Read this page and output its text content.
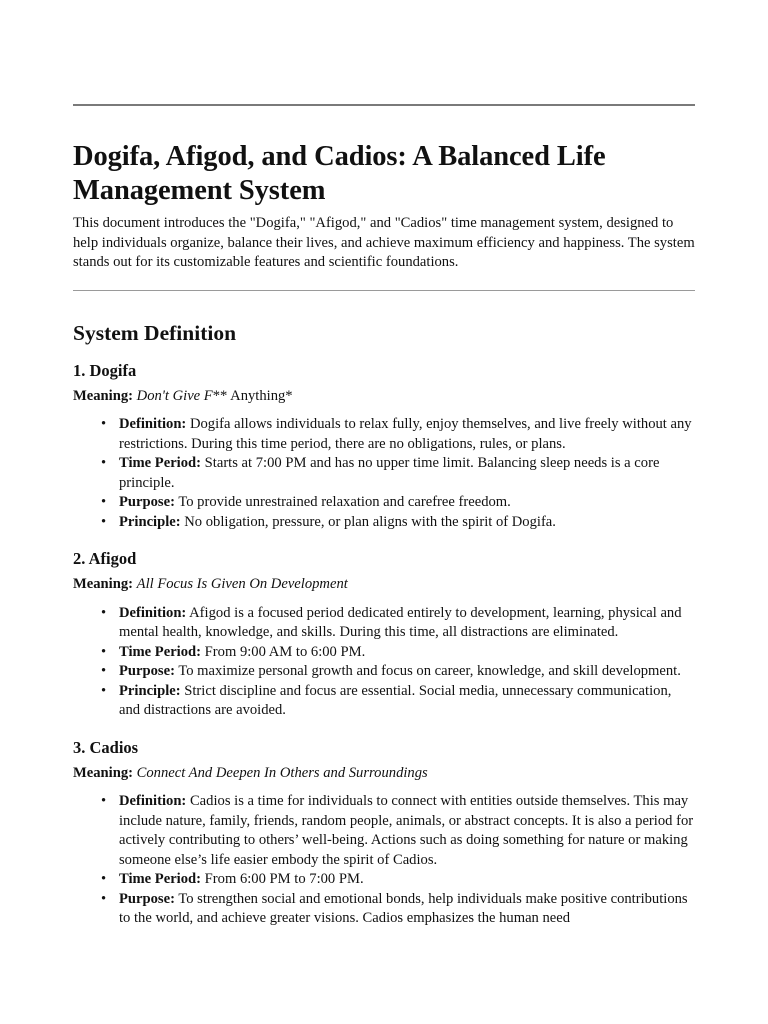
Dogifa, Afigod, and Cadios: A Balanced Life Management System

This document introduces the "Dogifa," "Afigod," and "Cadios" time management system, designed to help individuals organize, balance their lives, and achieve maximum efficiency and happiness. The system stands out for its customizable features and scientific foundations.

System Definition
1. Dogifa

Meaning: Don't Give F** Anything*

• Definition: Dogifa allows individuals to relax fully, enjoy themselves, and live freely without any restrictions. During this time period, there are no obligations, rules, or plans.
• Time Period: Starts at 7:00 PM and has no upper time limit. Balancing sleep needs is a core principle.
• Purpose: To provide unrestrained relaxation and carefree freedom.
• Principle: No obligation, pressure, or plan aligns with the spirit of Dogifa.
2. Afigod

Meaning: All Focus Is Given On Development

• Definition: Afigod is a focused period dedicated entirely to development, learning, physical and mental health, knowledge, and skills. During this time, all distractions are eliminated.
• Time Period: From 9:00 AM to 6:00 PM.
• Purpose: To maximize personal growth and focus on career, knowledge, and skill development.
• Principle: Strict discipline and focus are essential. Social media, unnecessary communication, and distractions are avoided.
3. Cadios

Meaning: Connect And Deepen In Others and Surroundings

• Definition: Cadios is a time for individuals to connect with entities outside themselves. This may include nature, family, friends, random people, animals, or abstract concepts. It is also a period for actively contributing to others’ well-being. Actions such as doing something for nature or making someone else’s life easier embody the spirit of Cadios.
• Time Period: From 6:00 PM to 7:00 PM.
• Purpose: To strengthen social and emotional bonds, help individuals make positive contributions to the world, and achieve greater visions. Cadios emphasizes the human need
